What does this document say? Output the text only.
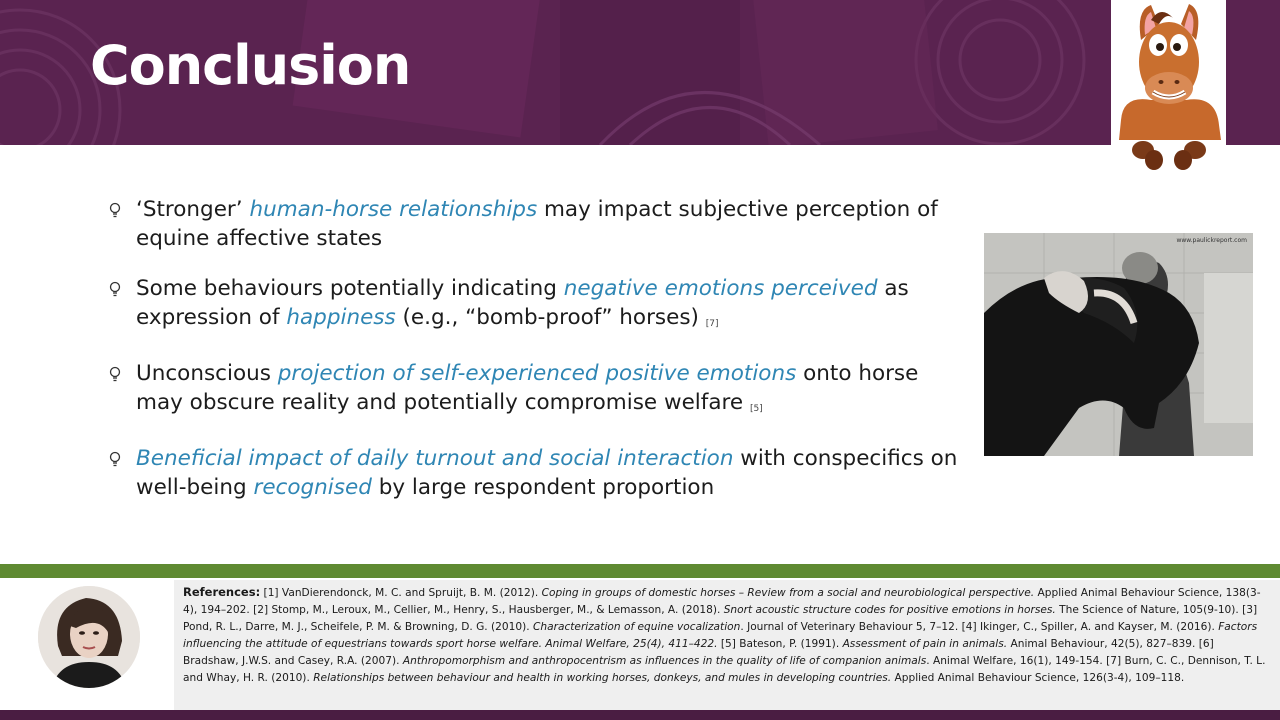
Conclusion
‘Stronger’ human-horse relationships may impact subjective perception of equine affective states
Some behaviours potentially indicating negative emotions perceived as expression of happiness (e.g., “bomb-proof” horses) [7]
Unconscious projection of self-experienced positive emotions onto horse may obscure reality and potentially compromise welfare [5]
Beneficial impact of daily turnout and social interaction with conspecifics on well-being recognised by large respondent proportion
www.paulickreport.com
References: [1] VanDierendonck, M. C. and Spruijt, B. M. (2012). Coping in groups of domestic horses – Review from a social and neurobiological perspective. Applied Animal Behaviour Science, 138(3-4), 194–202. [2] Stomp, M., Leroux, M., Cellier, M., Henry, S., Hausberger, M., & Lemasson, A. (2018). Snort acoustic structure codes for positive emotions in horses. The Science of Nature, 105(9-10). [3] Pond, R. L., Darre, M. J., Scheifele, P. M. & Browning, D. G. (2010). Characterization of equine vocalization. Journal of Veterinary Behaviour 5, 7–12. [4] Ikinger, C., Spiller, A. and Kayser, M. (2016). Factors influencing the attitude of equestrians towards sport horse welfare. Animal Welfare, 25(4), 411–422. [5] Bateson, P. (1991). Assessment of pain in animals. Animal Behaviour, 42(5), 827–839. [6] Bradshaw, J.W.S. and Casey, R.A. (2007). Anthropomorphism and anthropocentrism as influences in the quality of life of companion animals. Animal Welfare, 16(1), 149-154. [7] Burn, C. C., Dennison, T. L. and Whay, H. R. (2010). Relationships between behaviour and health in working horses, donkeys, and mules in developing countries. Applied Animal Behaviour Science, 126(3-4), 109–118.
